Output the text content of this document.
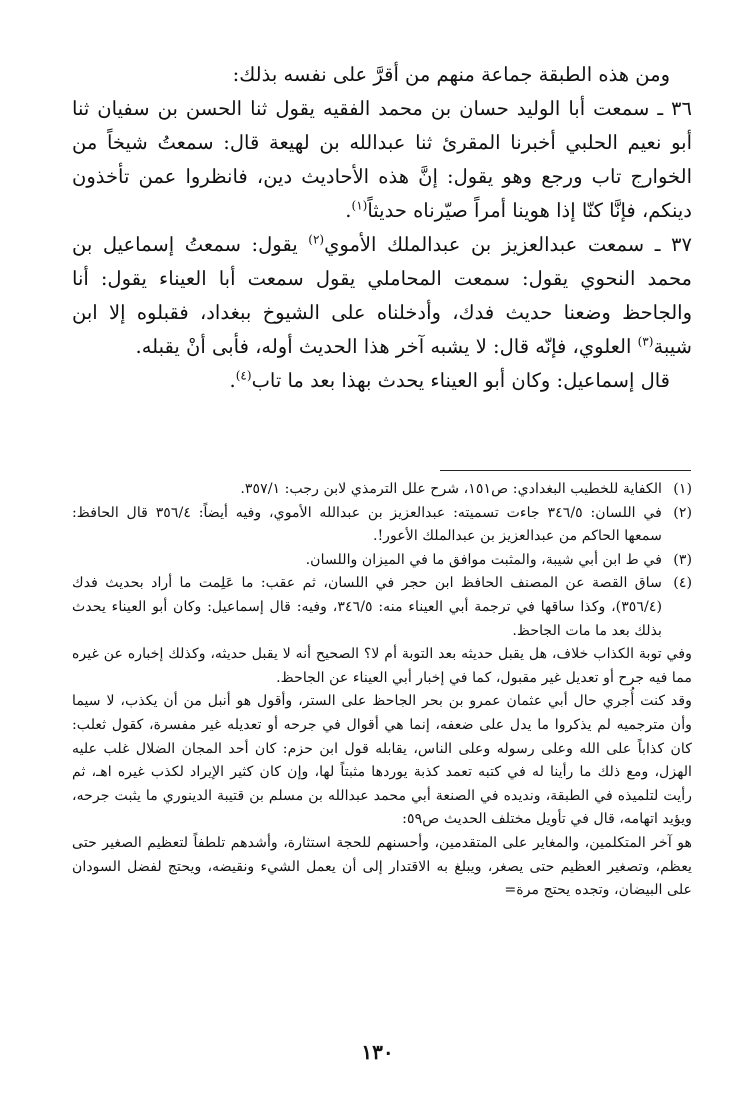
ومن هذه الطبقة جماعة منهم من أقرَّ على نفسه بذلك:

٣٦ ـ سمعت أبا الوليد حسان بن محمد الفقيه يقول ثنا الحسن بن سفيان ثنا أبو نعيم الحلبي أخبرنا المقرئ ثنا عبدالله بن لهيعة قال: سمعتُ شيخاً من الخوارج تاب ورجع وهو يقول: إنَّ هذه الأحاديث دين، فانظروا عمن تأخذون دينكم، فإنَّا كنّا إذا هوينا أمراً صيّرناه حديثاً$^{(١)}$.

٣٧ ـ سمعت عبدالعزيز بن عبدالملك الأموي$^{(٢)}$ يقول: سمعتُ إسماعيل بن محمد النحوي يقول: سمعت المحاملي يقول سمعت أبا العيناء يقول: أنا والجاحظ وضعنا حديث فدك، وأدخلناه على الشيوخ ببغداد، فقبلوه إلا ابن شيبة$^{(٣)}$ العلوي، فإنّه قال: لا يشبه آخر هذا الحديث أوله، فأبى أنْ يقبله.

قال إسماعيل: وكان أبو العيناء يحدث بهذا بعد ما تاب$^{(٤)}$.

(١)
الكفاية للخطيب البغدادي: ص١٥١، شرح علل الترمذي لابن رجب: ٣٥٧/١.
(٢)
في اللسان: ٣٤٦/٥ جاءت تسميته: عبدالعزيز بن عبدالله الأموي، وفيه أيضاً: ٣٥٦/٤ قال الحافظ: سمعها الحاكم من عبدالعزيز بن عبدالملك الأعور!.
(٣)
في ط ابن أبي شيبة، والمثبت موافق ما في الميزان واللسان.
(٤)
ساق القصة عن المصنف الحافظ ابن حجر في اللسان، ثم عقب: ما عَلِمت ما أراد بحديث فدك (٣٥٦/٤)، وكذا ساقها في ترجمة أبي العيناء منه: ٣٤٦/٥، وفيه: قال إسماعيل: وكان أبو العيناء يحدث بذلك بعد ما مات الجاحظ.

وفي توبة الكذاب خلاف، هل يقبل حديثه بعد التوبة أم لا؟ الصحيح أنه لا يقبل حديثه، وكذلك إخباره عن غيره مما فيه جرح أو تعديل غير مقبول، كما في إخبار أبي العيناء عن الجاحظ.

وقد كنت أُجري حال أبي عثمان عمرو بن بحر الجاحظ على الستر، وأقول هو أنبل من أن يكذب، لا سيما وأن مترجميه لم يذكروا ما يدل على ضعفه، إنما هي أقوال في جرحه أو تعديله غير مفسرة، كقول ثعلب: كان كذاباً على الله وعلى رسوله وعلى الناس، يقابله قول ابن حزم: كان أحد المجان الضلال غلب عليه الهزل، ومع ذلك ما رأينا له في كتبه تعمد كذبة يوردها مثبتاً لها، وإن كان كثير الإيراد لكذب غيره اهـ، ثم رأيت لتلميذه في الطبقة، ونديده في الصنعة أبي محمد عبدالله بن مسلم بن قتيبة الدينوري ما يثبت جرحه، ويؤيد اتهامه، قال في تأويل مختلف الحديث ص٥٩:

هو آخر المتكلمين، والمغاير على المتقدمين، وأحسنهم للحجة استثارة، وأشدهم تلطفاً لتعظيم الصغير حتى يعظم، وتصغير العظيم حتى يصغر، ويبلغ به الاقتدار إلى أن يعمل الشيء ونقيضه، ويحتج لفضل السودان على البيضان، وتجده يحتج مرة=

١٣٠
